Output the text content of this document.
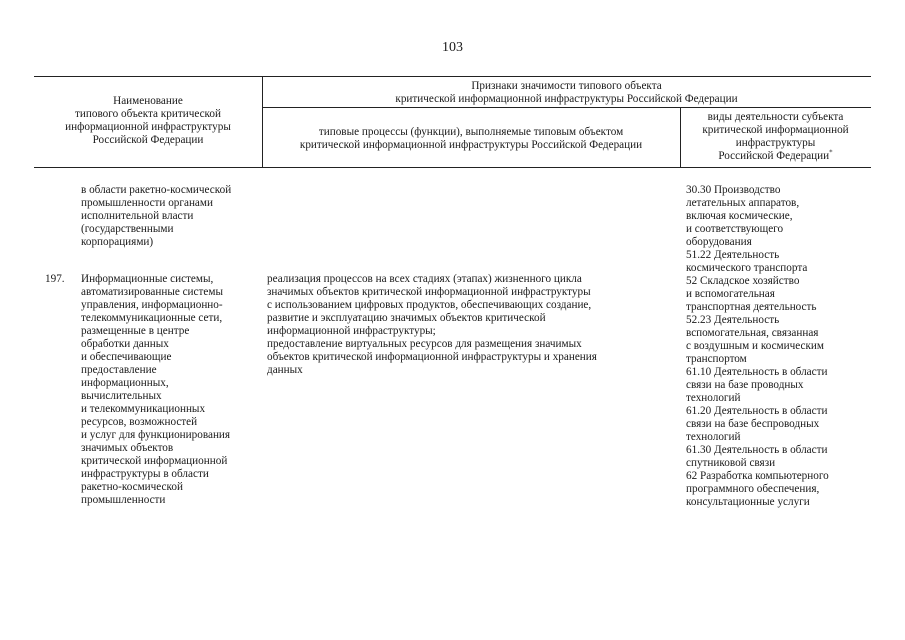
103
Наименование
типового объекта критической
информационной инфраструктуры
Российской Федерации
Признаки значимости типового объекта
критической информационной инфраструктуры Российской Федерации
типовые процессы (функции), выполняемые типовым объектом
критической информационной инфраструктуры Российской Федерации
виды деятельности субъекта
критической информационной
инфраструктуры
Российской Федерации*
в области ракетно-космической
промышленности органами
исполнительной власти
(государственными
корпорациями)
197. Информационные системы,
автоматизированные системы
управления, информационно-
телекоммуникационные сети,
размещенные в центре
обработки данных
и обеспечивающие
предоставление
информационных,
вычислительных
и телекоммуникационных
ресурсов, возможностей
и услуг для функционирования
значимых объектов
критической информационной
инфраструктуры в области
ракетно-космической
промышленности
реализация процессов на всех стадиях (этапах) жизненного цикла
значимых объектов критической информационной инфраструктуры
с использованием цифровых продуктов, обеспечивающих создание,
развитие и эксплуатацию значимых объектов критической
информационной инфраструктуры;
предоставление виртуальных ресурсов для размещения значимых
объектов критической информационной инфраструктуры и хранения
данных
30.30 Производство
летательных аппаратов,
включая космические,
и соответствующего
оборудования
51.22 Деятельность
космического транспорта
52 Складское хозяйство
и вспомогательная
транспортная деятельность
52.23 Деятельность
вспомогательная, связанная
с воздушным и космическим
транспортом
61.10 Деятельность в области
связи на базе проводных
технологий
61.20 Деятельность в области
связи на базе беспроводных
технологий
61.30 Деятельность в области
спутниковой связи
62 Разработка компьютерного
программного обеспечения,
консультационные услуги
